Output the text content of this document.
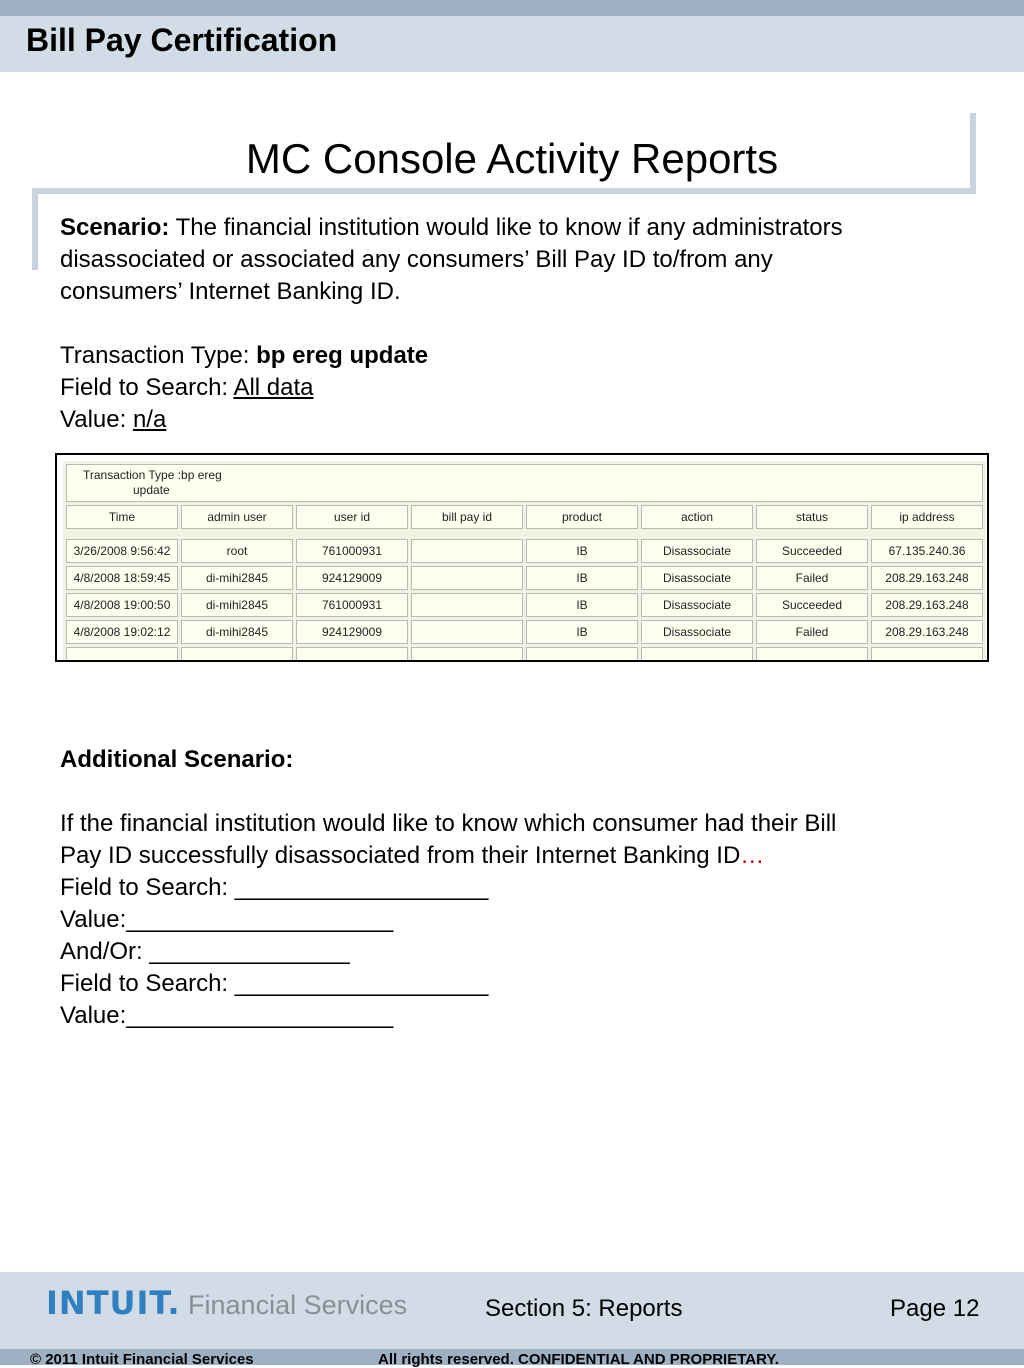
Bill Pay Certification
MC Console Activity Reports
Scenario: The financial institution would like to know if any administrators
disassociated or associated any consumers’ Bill Pay ID to/from any
consumers’ Internet Banking ID.
Transaction Type: bp ereg update
Field to Search: All data
Value: n/a
Transaction Type :bp ereg
update							

Time	admin user	user id	bill pay id	product	action	status	ip address

3/26/2008 9:56:42	root	761000931		IB	Disassociate	Succeeded	67.135.240.36
4/8/2008 18:59:45	di-mihi2845	924129009		IB	Disassociate	Failed	208.29.163.248
4/8/2008 19:00:50	di-mihi2845	761000931		IB	Disassociate	Succeeded	208.29.163.248
4/8/2008 19:02:12	di-mihi2845	924129009		IB	Disassociate	Failed	208.29.163.248

Additional Scenario:
If the financial institution would like to know which consumer had their Bill
Pay ID successfully disassociated from their Internet Banking ID…
Field to Search: ___________________
Value:____________________
And/Or: _______________
Field to Search: ___________________
Value:____________________
INTUIT. Financial Services	Section 5: Reports	Page 12
© 2011 Intuit Financial Services	All rights reserved. CONFIDENTIAL AND PROPRIETARY.
